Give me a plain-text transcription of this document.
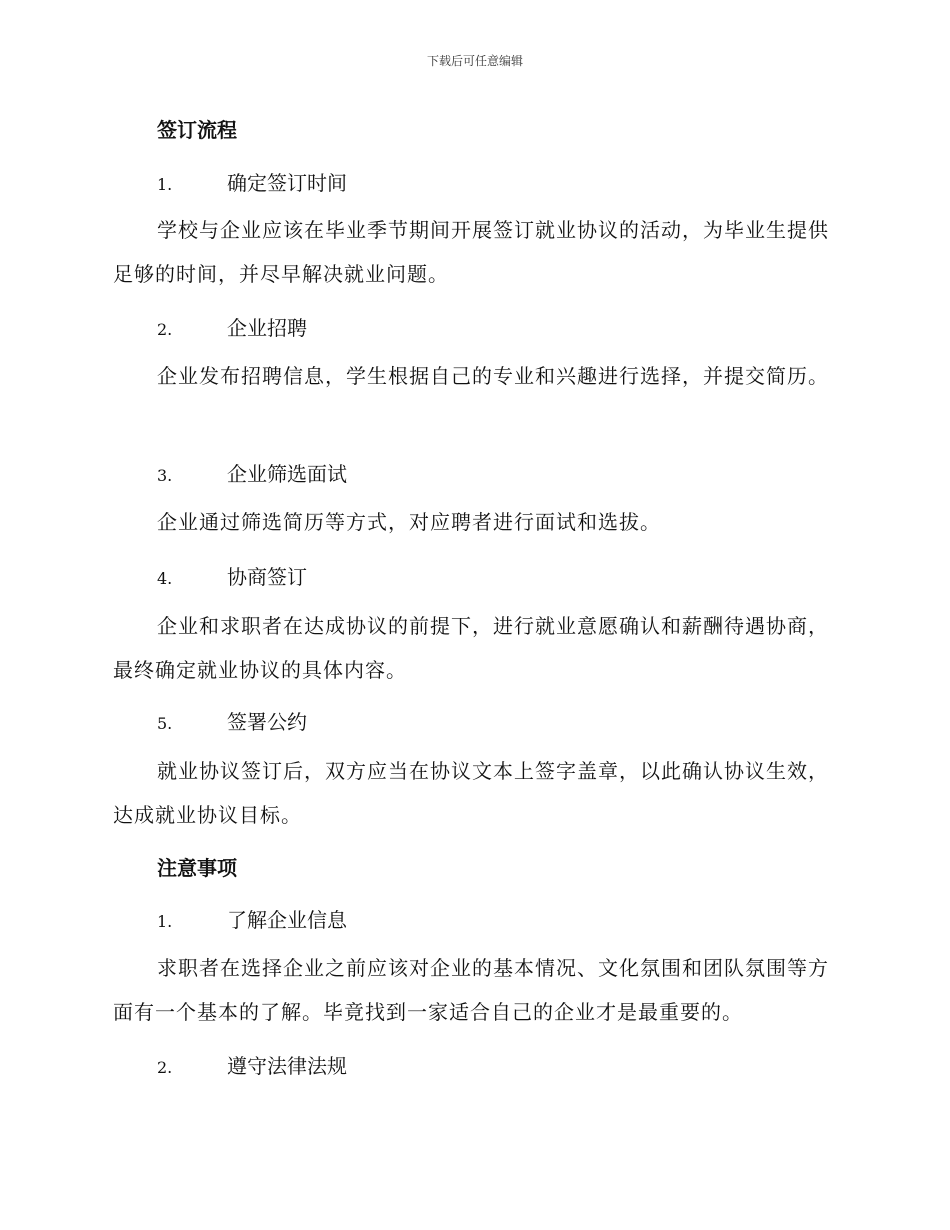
下载后可任意编辑
签订流程
1.	确定签订时间
学校与企业应该在毕业季节期间开展签订就业协议的活动，为毕业生提供足够的时间，并尽早解决就业问题。
2.	企业招聘
企业发布招聘信息，学生根据自己的专业和兴趣进行选择，并提交简历。
3.	企业筛选面试
企业通过筛选简历等方式，对应聘者进行面试和选拔。
4.	协商签订
企业和求职者在达成协议的前提下，进行就业意愿确认和薪酬待遇协商，最终确定就业协议的具体内容。
5.	签署公约
就业协议签订后，双方应当在协议文本上签字盖章，以此确认协议生效，达成就业协议目标。
注意事项
1.	了解企业信息
求职者在选择企业之前应该对企业的基本情况、文化氛围和团队氛围等方面有一个基本的了解。毕竟找到一家适合自己的企业才是最重要的。
2.	遵守法律法规
